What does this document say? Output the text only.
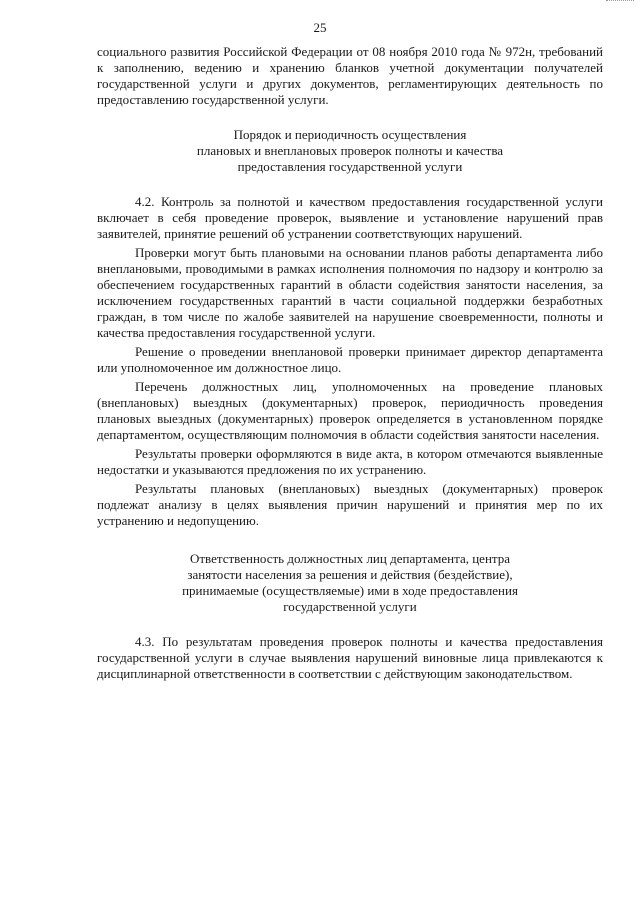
25

социального развития Российской Федерации от 08 ноября 2010 года № 972н, требований к заполнению, ведению и хранению бланков учетной документации получателей государственной услуги и других документов, регламентирующих деятельность по предоставлению государственной услуги.

Порядок и периодичность осуществления

плановых и внеплановых проверок полноты и качества

предоставления государственной услуги

4.2. Контроль за полнотой и качеством предоставления государственной услуги включает в себя проведение проверок, выявление и установление нарушений прав заявителей, принятие решений об устранении соответствующих нарушений.

Проверки могут быть плановыми на основании планов работы департамента либо внеплановыми, проводимыми в рамках исполнения полномочия по надзору и контролю за обеспечением государственных гарантий в области содействия занятости населения, за исключением государственных гарантий в части социальной поддержки безработных граждан, в том числе по жалобе заявителей на нарушение своевременности, полноты и качества предоставления государственной услуги.

Решение о проведении внеплановой проверки принимает директор департамента или уполномоченное им должностное лицо.

Перечень должностных лиц, уполномоченных на проведение плановых (внеплановых) выездных (документарных) проверок, периодичность проведения плановых выездных (документарных) проверок определяется в установленном порядке департаментом, осуществляющим полномочия в области содействия занятости населения.

Результаты проверки оформляются в виде акта, в котором отмечаются выявленные недостатки и указываются предложения по их устранению.

Результаты плановых (внеплановых) выездных (документарных) проверок подлежат анализу в целях выявления причин нарушений и принятия мер по их устранению и недопущению.

Ответственность должностных лиц департамента, центра

занятости населения за решения и действия (бездействие),

принимаемые (осуществляемые) ими в ходе предоставления

государственной услуги

4.3. По результатам проведения проверок полноты и качества предоставления государственной услуги в случае выявления нарушений виновные лица привлекаются к дисциплинарной ответственности в соответствии с действующим законодательством.
